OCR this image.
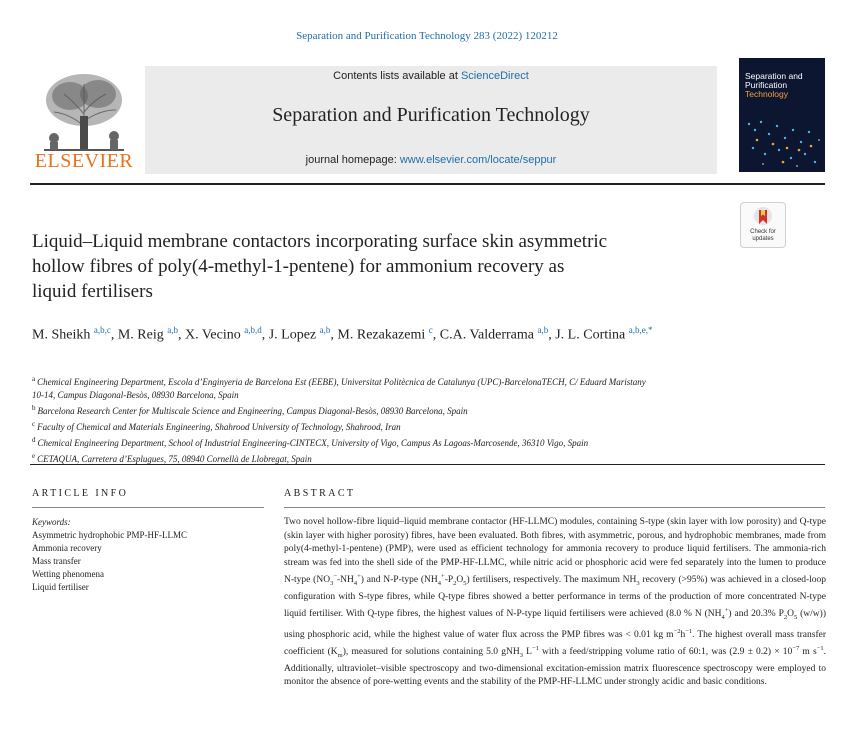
Separation and Purification Technology 283 (2022) 120212
ELSEVIER
Contents lists available at ScienceDirect
Separation and Purification Technology
journal homepage: www.elsevier.com/locate/seppur
Separation and
Purification
Technology
Check for
updates
Liquid–Liquid membrane contactors incorporating surface skin asymmetric
hollow fibres of poly(4-methyl-1-pentene) for ammonium recovery as
liquid fertilisers
M. Sheikh $^{a,b,c}$, M. Reig $^{a,b}$, X. Vecino $^{a,b,d}$, J. Lopez $^{a,b}$, M. Rezakazemi $^c$, C.A. Valderrama $^{a,b}$, J. L. Cortina $^{a,b,e,*}$
$^a$ Chemical Engineering Department, Escola d’Enginyeria de Barcelona Est (EEBE), Universitat Politècnica de Catalunya (UPC)-BarcelonaTECH, C/ Eduard Maristany
10-14, Campus Diagonal-Besòs, 08930 Barcelona, Spain
$^b$ Barcelona Research Center for Multiscale Science and Engineering, Campus Diagonal-Besòs, 08930 Barcelona, Spain
$^c$ Faculty of Chemical and Materials Engineering, Shahrood University of Technology, Shahrood, Iran
$^d$ Chemical Engineering Department, School of Industrial Engineering-CINTECX, University of Vigo, Campus As Lagoas-Marcosende, 36310 Vigo, Spain
$^e$ CETAQUA, Carretera d’Esplugues, 75, 08940 Cornellà de Llobregat, Spain
ARTICLE INFO	ABSTRACT
Keywords:
Asymmetric hydrophobic PMP-HF-LLMC
Ammonia recovery
Mass transfer
Wetting phenomena
Liquid fertiliser
Two novel hollow-fibre liquid–liquid membrane contactor (HF-LLMC) modules, containing S-type (skin layer with low porosity) and Q-type (skin layer with higher porosity) fibres, have been evaluated. Both fibres, with asymmetric, porous, and hydrophobic membranes, made from poly(4-methyl-1-pentene) (PMP), were used as efficient technology for ammonia recovery to produce liquid fertilisers. The ammonia-rich stream was fed into the shell side of the PMP-HF-LLMC, while nitric acid or phosphoric acid were fed separately into the lumen to produce N-type $(NO_3^--NH_4^+)$ and N-P-type $(NH_4^+-P_2O_5)$ fertilisers, respectively. The maximum $NH_3$ recovery (>95%) was achieved in a closed-loop configuration with S-type fibres, while Q-type fibres showed a better performance in terms of the production of more concentrated N-type liquid fertiliser. With Q-type fibres, the highest values of N-P-type liquid fertilisers were achieved (8.0 % N $(NH_4^+)$ and 20.3% $P_2O_5$ (w/w)) using phosphoric acid, while the highest value of water flux across the PMP fibres was < 0.01 kg $m^{-2}h^{-1}$. The highest overall mass transfer coefficient $(K_m)$, measured for solutions containing 5.0 gNH$_3$ $L^{-1}$ with a feed/stripping volume ratio of 60:1, was $(2.9 \pm 0.2) \times 10^{-7}$ m $s^{-1}$. Additionally, ultraviolet–visible spectroscopy and two-dimensional excitation-emission matrix fluorescence spectroscopy were employed to monitor the absence of pore-wetting events and the stability of the PMP-HF-LLMC under strongly acidic and basic conditions.
